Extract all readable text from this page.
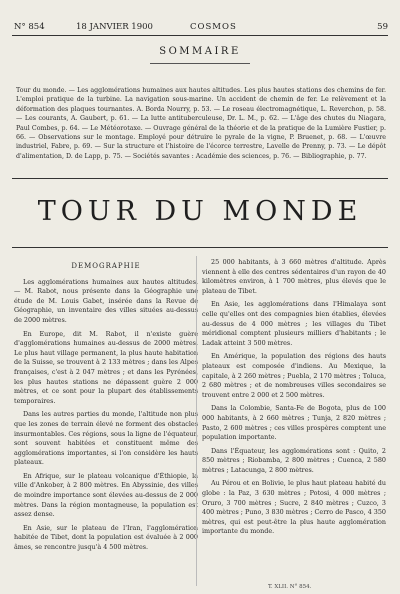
N° 854	18 JANVIER 1900	COSMOS	59
SOMMAIRE
Tour du monde. — Les agglomérations humaines aux hautes altitudes. Les plus hautes stations des chemins de fer. L'emploi pratique de la turbine. La navigation sous-marine. Un accident de chemin de fer. Le relèvement et la déformation des plaques tournantes. A. Borda Nourry, p. 53. — Le roseau électromagnétique, L. Reverchon, p. 58. — Les courants, A. Gaubert, p. 61. — La lutte antituberculeuse, Dr. L. M., p. 62. — L'âge des chutes du Niagara, Paul Combes, p. 64. — Le Météorotaxe. — Ouvrage général de la théorie et de la pratique de la Lumière Fustier, p. 66. — Observations sur le montage. Employé pour détruire le pyrale de la vigne, P. Bruenet, p. 68. — L'œuvre industriel, Fabre, p. 69. — Sur la structure et l'histoire de l'écorce terrestre, Lavelle de Prenny, p. 73. — Le dépôt d'alimentation, D. de Lapp, p. 75. — Sociétés savantes : Académie des sciences, p. 76. — Bibliographie, p. 77.
TOUR DU MONDE
DÉMOGRAPHIE

Les agglomérations humaines aux hautes altitudes. — M. Rabot, nous présente dans la Géographie une étude de M. Louis Gabet, insérée dans la Revue de Géographie, un inventaire des villes situées au-dessus de 2000 mètres.

En Europe, dit M. Rabot, il n'existe guère d'agglomérations humaines au-dessus de 2000 mètres. Le plus haut village permanent, la plus haute habitation de la Suisse, se trouvent à 2 133 mètres ; dans les Alpes françaises, c'est à 2 047 mètres ; et dans les Pyrénées, les plus hautes stations ne dépassent guère 2 000 mètres, et ce sont pour la plupart des établissements temporaires.

Dans les autres parties du monde, l'altitude non plus que les zones de terrain élevé ne forment des obstacles insurmontables. Ces régions, sous la ligne de l'équateur, sont souvent habitées et constituent même des agglomérations importantes, si l'on considère les hauts plateaux.

En Afrique, sur le plateau volcanique d'Éthiopie, la ville d'Ankober, à 2 800 mètres. En Abyssinie, des villes de moindre importance sont élevées au-dessus de 2 000 mètres. Dans la région montagneuse, la population est assez dense.

En Asie, sur le plateau de l'Iran, l'agglomération habitée de Tibet, dont la population est évaluée à 2 000 âmes, se rencontre jusqu'à 4 500 mètres.

25 000 habitants, à 3 660 mètres d'altitude. Après viennent à elle des centres sédentaires d'un rayon de 40 kilomètres environ, à 1 700 mètres, plus élevés que le plateau de Tibet.

En Asie, les agglomérations dans l'Himalaya sont celle qu'elles ont des compagnies bien établies, élevées au-dessus de 4 000 mètres ; les villages du Tibet méridional comptent plusieurs milliers d'habitants ; le Ladak atteint 3 500 mètres.

En Amérique, la population des régions des hauts plateaux est composée d'indiens. Au Mexique, la capitale, à 2 260 mètres ; Puebla, 2 170 mètres ; Toluca, 2 680 mètres ; et de nombreuses villes secondaires se trouvent entre 2 000 et 2 500 mètres.

Dans la Colombie, Santa-Fe de Bogota, plus de 100 000 habitants, à 2 660 mètres ; Tunja, 2 820 mètres ; Pasto, 2 600 mètres ; ces villes prospères comptent une population importante.

Dans l'Équateur, les agglomérations sont : Quito, 2 850 mètres ; Riobamba, 2 800 mètres ; Cuenca, 2 580 mètres ; Latacunga, 2 800 mètres.

Au Pérou et en Bolivie, le plus haut plateau habité du globe : la Paz, 3 630 mètres ; Potosi, 4 000 mètres ; Oruro, 3 700 mètres ; Sucre, 2 840 mètres ; Cuzco, 3 400 mètres ; Puno, 3 830 mètres ; Cerro de Pasco, 4 350 mètres, qui est peut-être la plus haute agglomération importante du monde.

T. XLII. N° 854.
